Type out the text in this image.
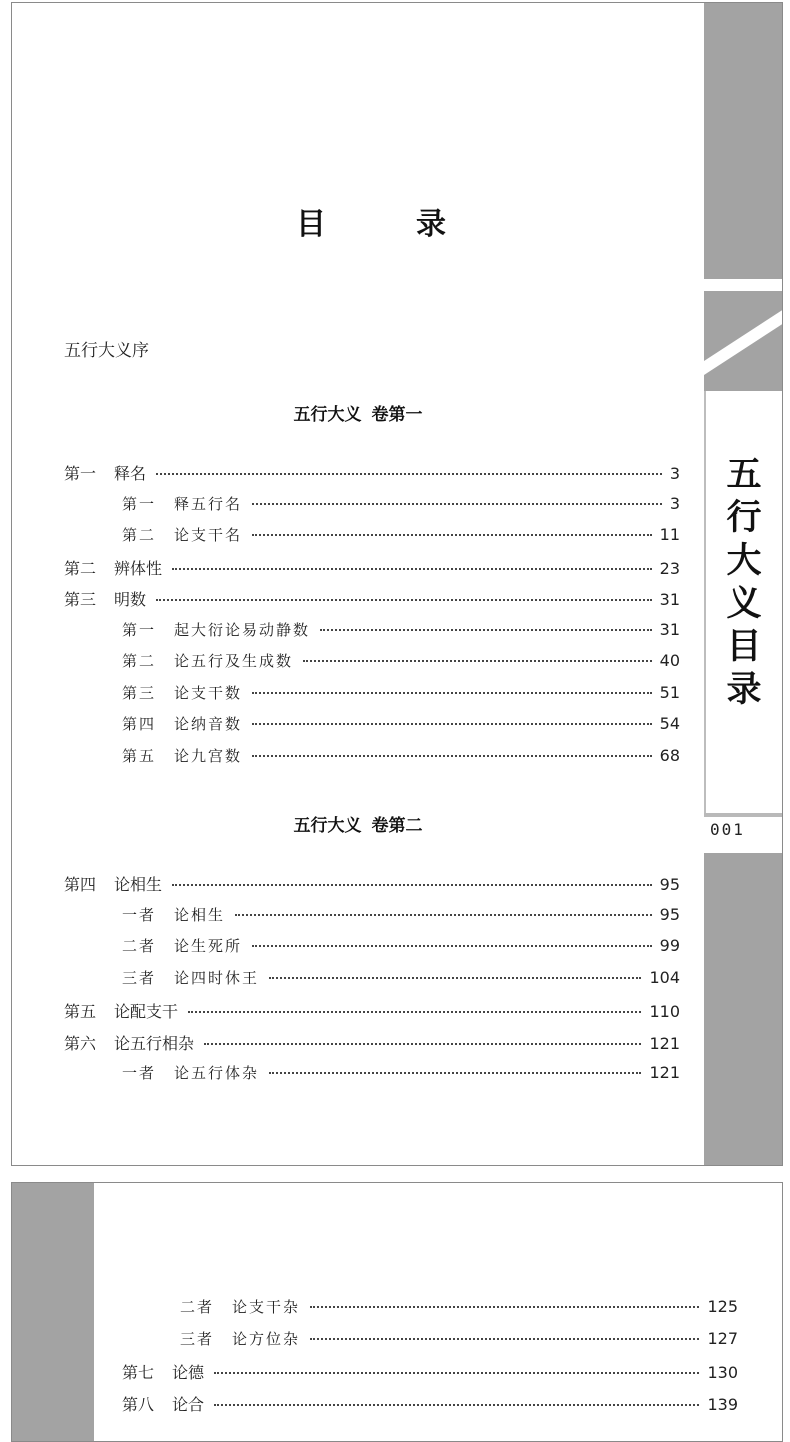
五
行
大
义
目
录
001
目	录
五行大义序
五行大义 卷第一
五行大义 卷第二
第一 释名	3
第一 释五行名	3
第二 论支干名	11
第二 辨体性	23
第三 明数	31
第一 起大衍论易动静数	31
第二 论五行及生成数	40
第三 论支干数	51
第四 论纳音数	54
第五 论九宫数	68
第四 论相生	95
一者 论相生	95
二者 论生死所	99
三者 论四时休王	104
第五 论配支干	110
第六 论五行相杂	121
一者 论五行体杂	121
二者 论支干杂	125
三者 论方位杂	127
第七 论德	130
第八 论合	139
